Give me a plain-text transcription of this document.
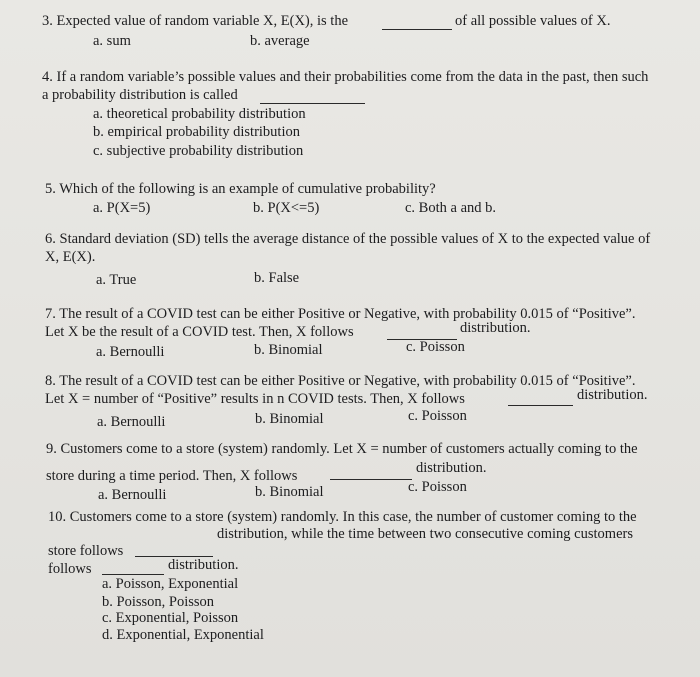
3. Expected value of random variable X, E(X), is the	of all possible values of X.
a. sum	b. average
4. If a random variable’s possible values and their probabilities come from the data in the past, then such
a probability distribution is called
a. theoretical probability distribution
b. empirical probability distribution
c. subjective probability distribution
5. Which of the following is an example of cumulative probability?
a. P(X=5)	b. P(X<=5)	c. Both a and b.
6. Standard deviation (SD) tells the average distance of the possible values of X to the expected value of
X, E(X).
a. True	b. False
7. The result of a COVID test can be either Positive or Negative, with probability 0.015 of “Positive”.
Let X be the result of a COVID test. Then, X follows	distribution.
a. Bernoulli	b. Binomial	c. Poisson
8. The result of a COVID test can be either Positive or Negative, with probability 0.015 of “Positive”.
Let X = number of “Positive” results in n COVID tests. Then, X follows	distribution.
a. Bernoulli	b. Binomial	c. Poisson
9. Customers come to a store (system) randomly. Let X = number of customers actually coming to the
store during a time period. Then, X follows	distribution.
a. Bernoulli	b. Binomial	c. Poisson
10. Customers come to a store (system) randomly. In this case, the number of customer coming to the
store follows
distribution, while the time between two consecutive coming customers
follows	distribution.
a. Poisson, Exponential
b. Poisson, Poisson
c. Exponential, Poisson
d. Exponential, Exponential
